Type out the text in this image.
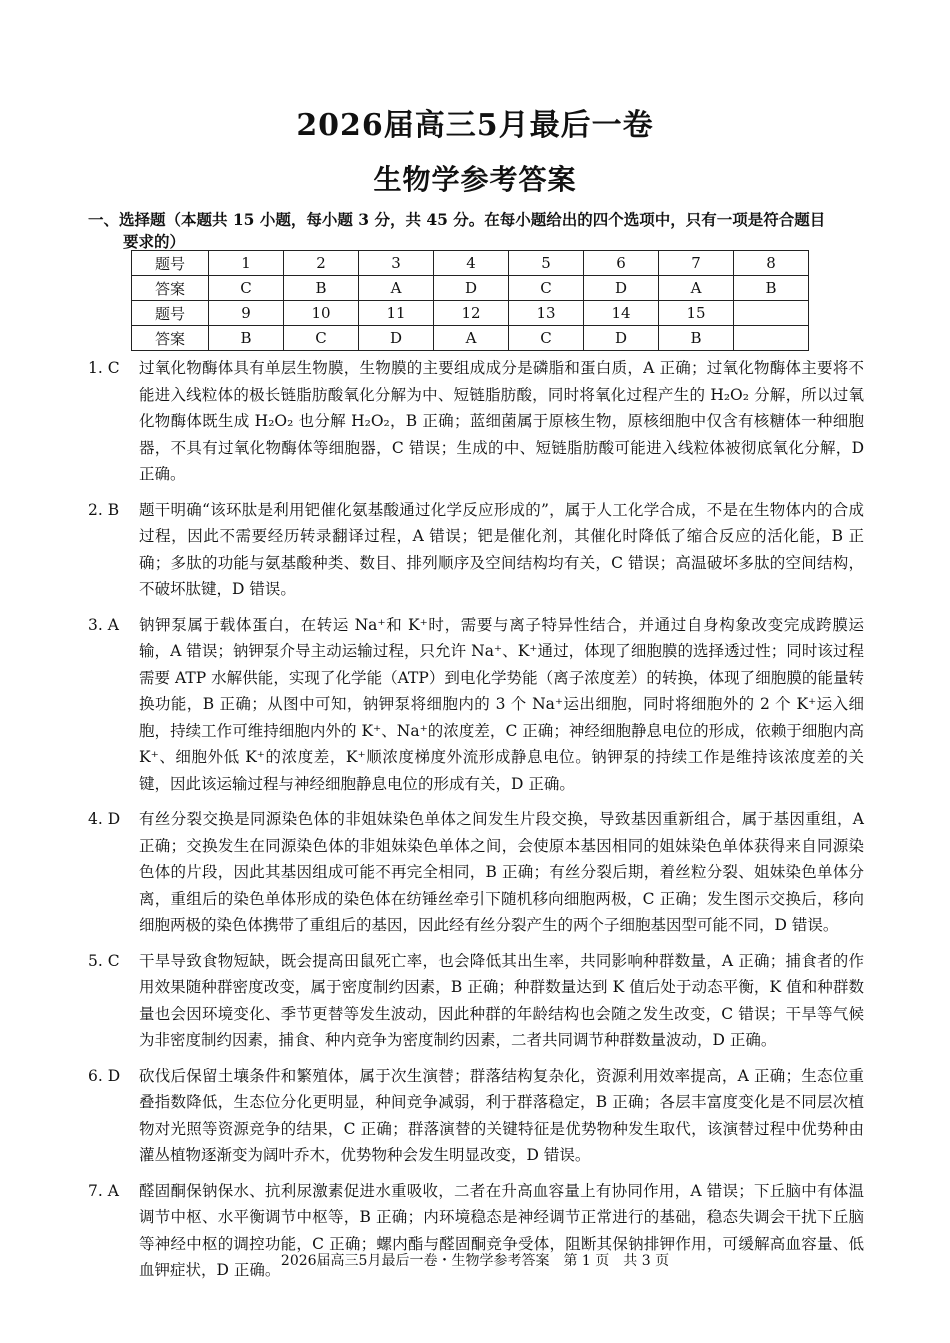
2026届高三5月最后一卷
生物学参考答案
一、选择题（本题共 15 小题，每小题 3 分，共 45 分。在每小题给出的四个选项中，只有一项是符合题目
要求的）
题号	1	2	3	4	5	6	7	8
答案	C	B	A	D	C	D	A	B
题号	9	10	11	12	13	14	15	
答案	B	C	D	A	C	D	B	
1. C	过氧化物酶体具有单层生物膜，生物膜的主要组成成分是磷脂和蛋白质，A 正确；过氧化物酶体主要将不能进入线粒体的极长链脂肪酸氧化分解为中、短链脂肪酸，同时将氧化过程产生的 H₂O₂ 分解，所以过氧化物酶体既生成 H₂O₂ 也分解 H₂O₂，B 正确；蓝细菌属于原核生物，原核细胞中仅含有核糖体一种细胞器，不具有过氧化物酶体等细胞器，C 错误；生成的中、短链脂肪酸可能进入线粒体被彻底氧化分解，D 正确。
2. B	题干明确“该环肽是利用钯催化氨基酸通过化学反应形成的”，属于人工化学合成，不是在生物体内的合成过程，因此不需要经历转录翻译过程，A 错误；钯是催化剂，其催化时降低了缩合反应的活化能，B 正确；多肽的功能与氨基酸种类、数目、排列顺序及空间结构均有关，C 错误；高温破坏多肽的空间结构，不破坏肽键，D 错误。
3. A	钠钾泵属于载体蛋白，在转运 Na⁺和 K⁺时，需要与离子特异性结合，并通过自身构象改变完成跨膜运输，A 错误；钠钾泵介导主动运输过程，只允许 Na⁺、K⁺通过，体现了细胞膜的选择透过性；同时该过程需要 ATP 水解供能，实现了化学能（ATP）到电化学势能（离子浓度差）的转换，体现了细胞膜的能量转换功能，B 正确；从图中可知，钠钾泵将细胞内的 3 个 Na⁺运出细胞，同时将细胞外的 2 个 K⁺运入细胞，持续工作可维持细胞内外的 K⁺、Na⁺的浓度差，C 正确；神经细胞静息电位的形成，依赖于细胞内高 K⁺、细胞外低 K⁺的浓度差，K⁺顺浓度梯度外流形成静息电位。钠钾泵的持续工作是维持该浓度差的关键，因此该运输过程与神经细胞静息电位的形成有关，D 正确。
4. D	有丝分裂交换是同源染色体的非姐妹染色单体之间发生片段交换，导致基因重新组合，属于基因重组，A 正确；交换发生在同源染色体的非姐妹染色单体之间，会使原本基因相同的姐妹染色单体获得来自同源染色体的片段，因此其基因组成可能不再完全相同，B 正确；有丝分裂后期，着丝粒分裂、姐妹染色单体分离，重组后的染色单体形成的染色体在纺锤丝牵引下随机移向细胞两极，C 正确；发生图示交换后，移向细胞两极的染色体携带了重组后的基因，因此经有丝分裂产生的两个子细胞基因型可能不同，D 错误。
5. C	干旱导致食物短缺，既会提高田鼠死亡率，也会降低其出生率，共同影响种群数量，A 正确；捕食者的作用效果随种群密度改变，属于密度制约因素，B 正确；种群数量达到 K 值后处于动态平衡，K 值和种群数量也会因环境变化、季节更替等发生波动，因此种群的年龄结构也会随之发生改变，C 错误；干旱等气候为非密度制约因素，捕食、种内竞争为密度制约因素，二者共同调节种群数量波动，D 正确。
6. D	砍伐后保留土壤条件和繁殖体，属于次生演替；群落结构复杂化，资源利用效率提高，A 正确；生态位重叠指数降低，生态位分化更明显，种间竞争减弱，利于群落稳定，B 正确；各层丰富度变化是不同层次植物对光照等资源竞争的结果，C 正确；群落演替的关键特征是优势物种发生取代，该演替过程中优势种由灌丛植物逐渐变为阔叶乔木，优势物种会发生明显改变，D 错误。
7. A	醛固酮保钠保水、抗利尿激素促进水重吸收，二者在升高血容量上有协同作用，A 错误；下丘脑中有体温调节中枢、水平衡调节中枢等，B 正确；内环境稳态是神经调节正常进行的基础，稳态失调会干扰下丘脑等神经中枢的调控功能，C 正确；螺内酯与醛固酮竞争受体，阻断其保钠排钾作用，可缓解高血容量、低血钾症状，D 正确。 2026届高三5月最后一卷・生物学参考答案　第 1 页　共 3 页
